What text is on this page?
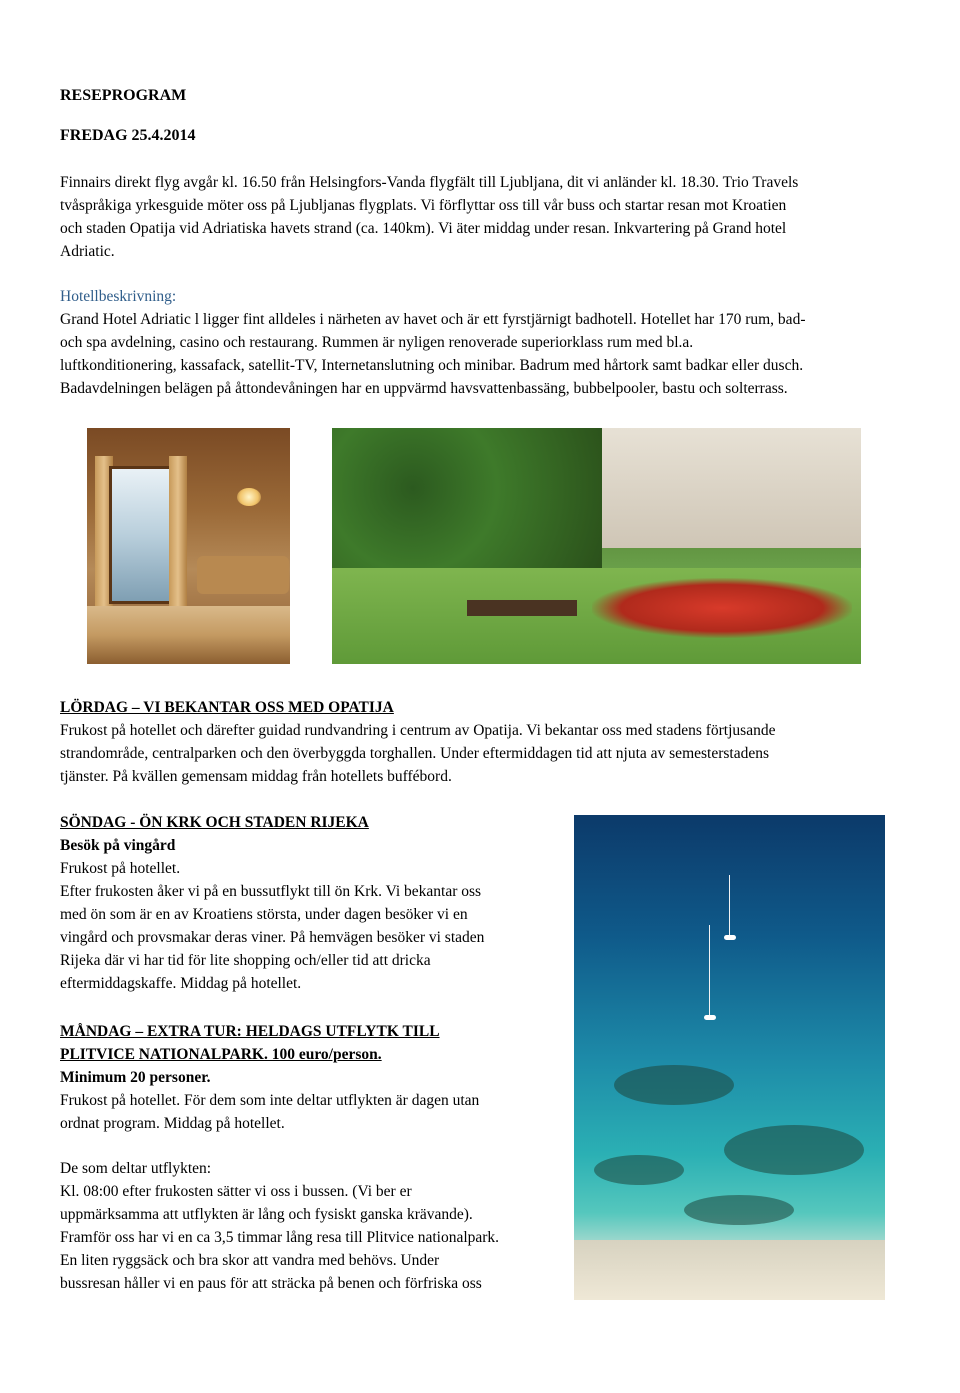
RESEPROGRAM

FREDAG 25.4.2014

Finnairs direkt flyg avgår kl. 16.50 från Helsingfors-Vanda flygfält till Ljubljana, dit vi anländer kl. 18.30. Trio Travels

tvåspråkiga yrkesguide möter oss på Ljubljanas flygplats. Vi förflyttar oss till vår buss och startar resan mot Kroatien

och staden Opatija vid Adriatiska havets strand (ca. 140km). Vi äter middag under resan. Inkvartering på Grand hotel

Adriatic.

Hotellbeskrivning:

Grand Hotel Adriatic l ligger fint alldeles i närheten av havet och är ett fyrstjärnigt badhotell. Hotellet har 170 rum, bad-

och spa avdelning, casino och restaurang. Rummen är nyligen renoverade superiorklass rum med bl.a.

luftkonditionering, kassafack, satellit-TV, Internetanslutning och minibar. Badrum med hårtork samt badkar eller dusch.

Badavdelningen belägen på åttondevåningen har en uppvärmd havsvattenbassäng, bubbelpooler, bastu och solterrass.

LÖRDAG – VI BEKANTAR OSS MED OPATIJA

Frukost på hotellet och därefter guidad rundvandring i centrum av Opatija. Vi bekantar oss med stadens förtjusande

strandområde, centralparken och den överbyggda torghallen. Under eftermiddagen tid att njuta av semesterstadens

tjänster. På kvällen gemensam middag från hotellets buffébord.

SÖNDAG - ÖN KRK OCH STADEN RIJEKA

Besök på vingård

Frukost på hotellet.

Efter frukosten åker vi på en bussutflykt till ön Krk. Vi bekantar oss

med ön som är en av Kroatiens största, under dagen besöker vi en

vingård och provsmakar deras viner. På hemvägen besöker vi staden

Rijeka där vi har tid för lite shopping och/eller tid att dricka

eftermiddagskaffe. Middag på hotellet.

MÅNDAG – EXTRA TUR: HELDAGS UTFLYTK TILL

PLITVICE NATIONALPARK. 100 euro/person.

Minimum 20 personer.

Frukost på hotellet. För dem som inte deltar utflykten är dagen utan

ordnat program. Middag på hotellet.

De som deltar utflykten:

Kl. 08:00 efter frukosten sätter vi oss i bussen. (Vi ber er

uppmärksamma att utflykten är lång och fysiskt ganska krävande).

Framför oss har vi en ca 3,5 timmar lång resa till Plitvice nationalpark.

En liten ryggsäck och bra skor att vandra med behövs. Under

bussresan håller vi en paus för att sträcka på benen och förfriska oss
